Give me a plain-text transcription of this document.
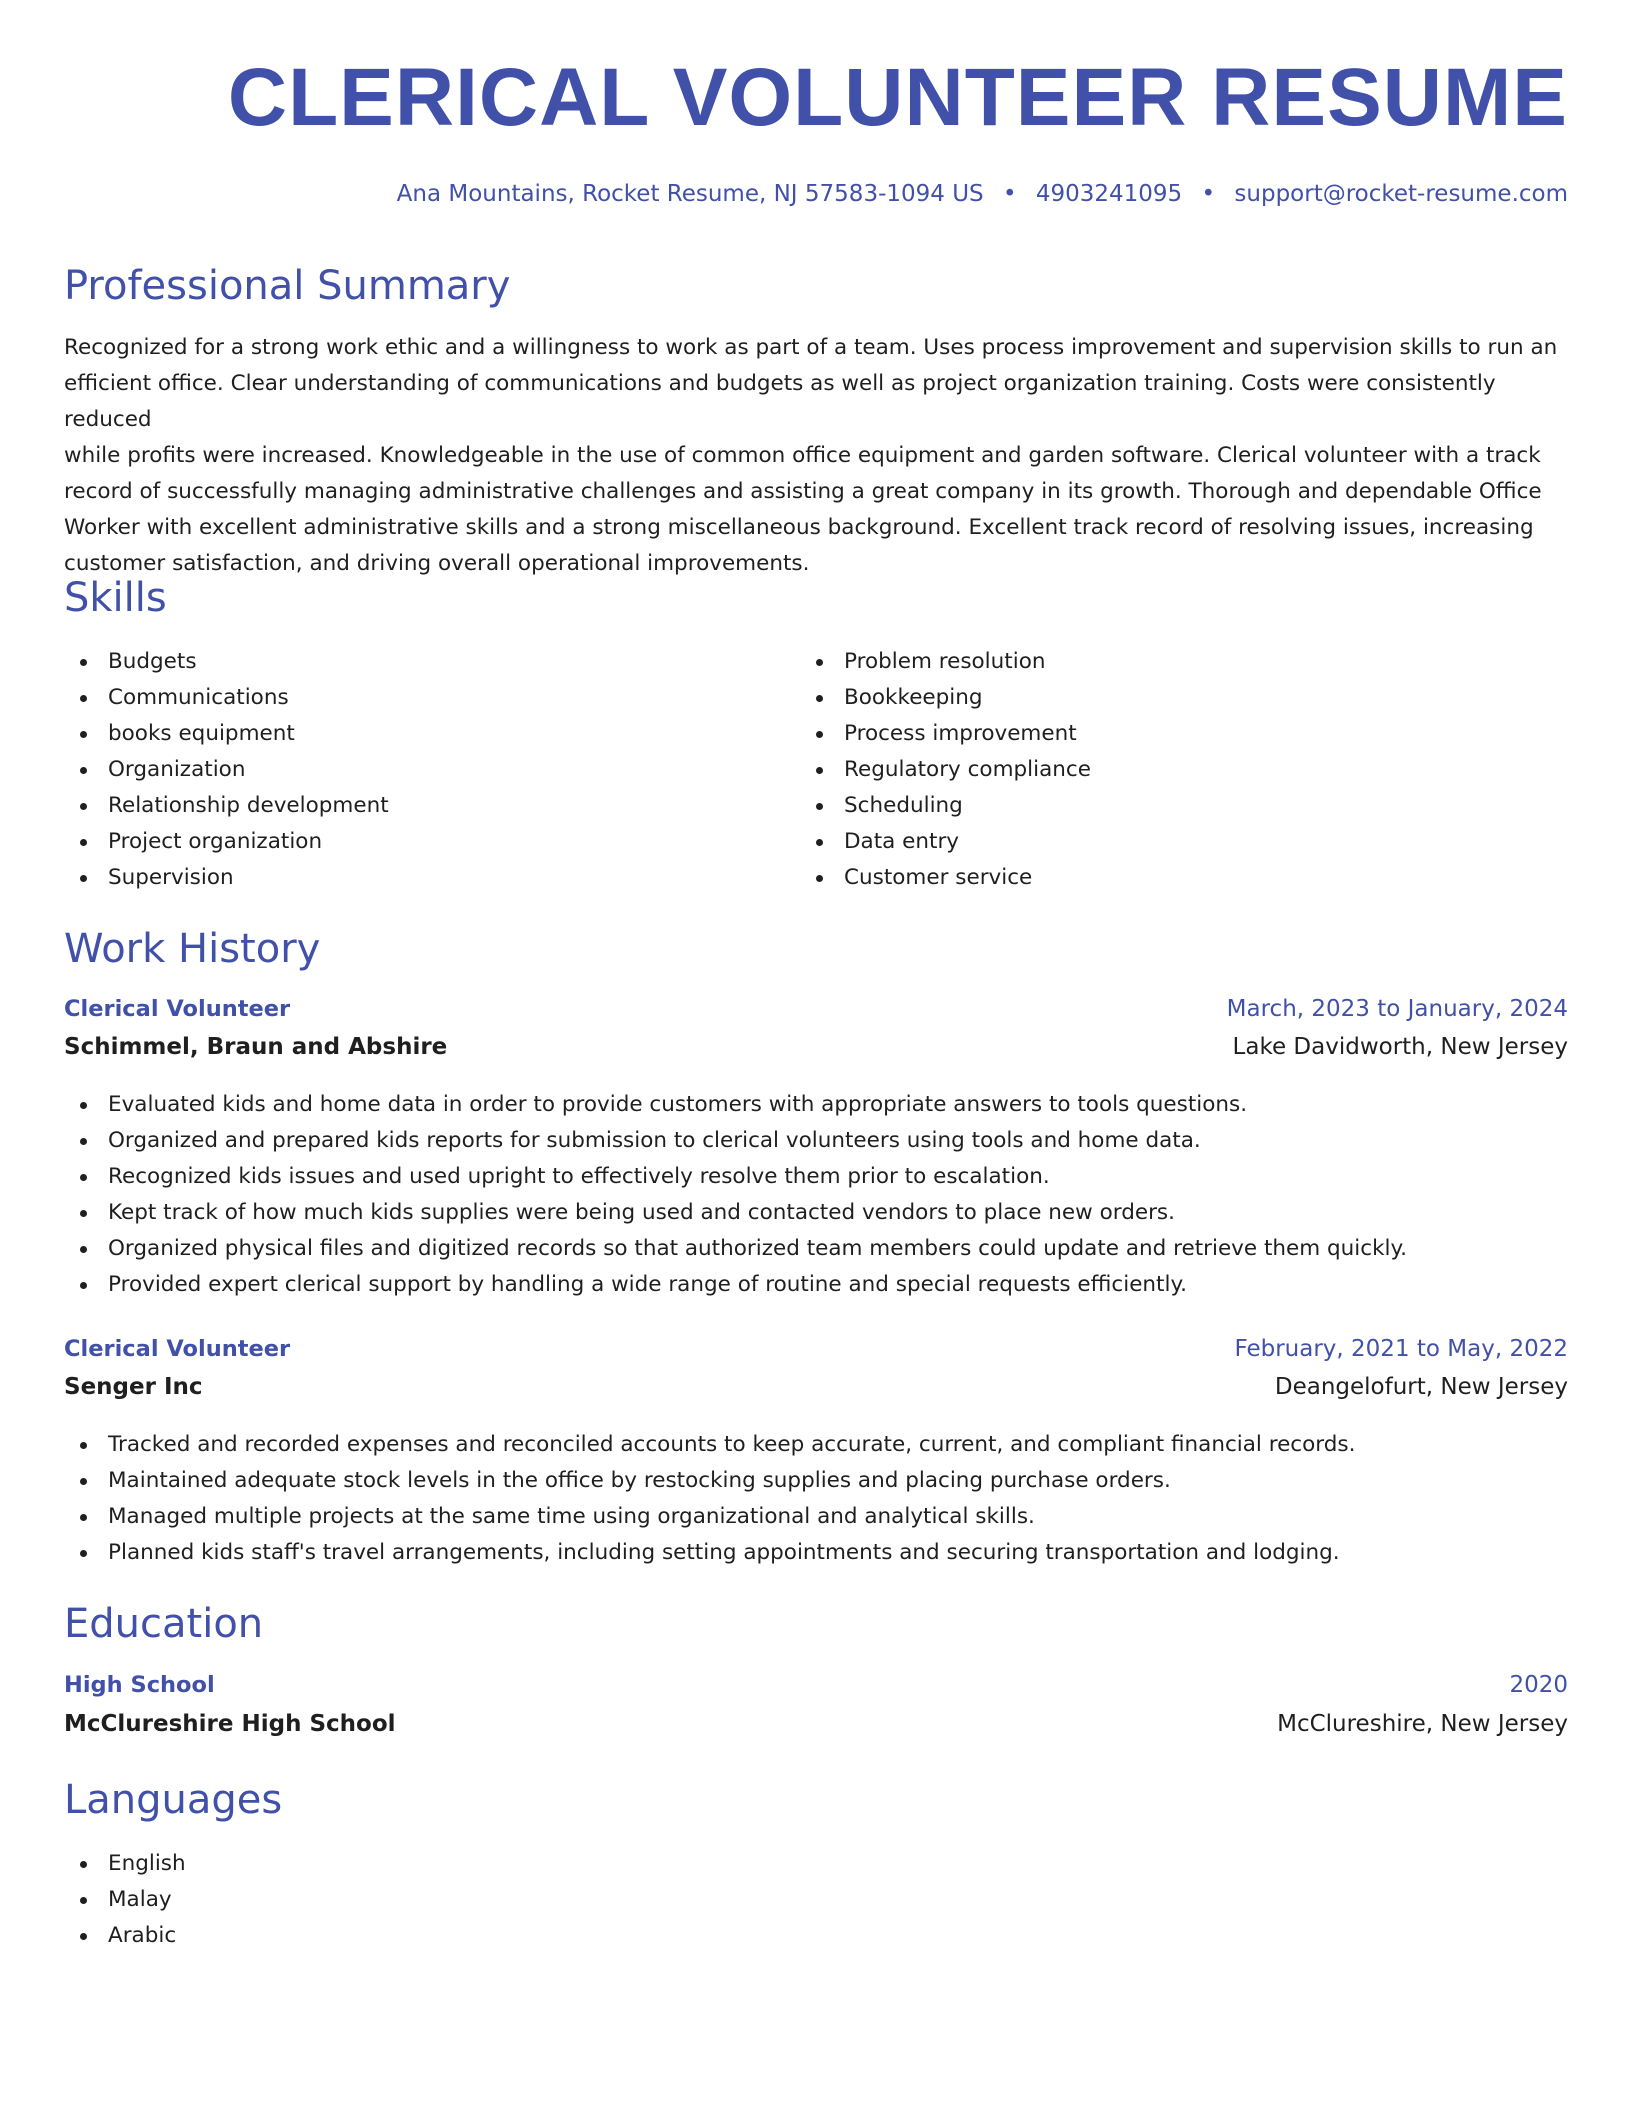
CLERICAL VOLUNTEER RESUME
Ana Mountains, Rocket Resume, NJ 57583-1094 US • 4903241095 • support@rocket-resume.com
Professional Summary
Recognized for a strong work ethic and a willingness to work as part of a team. Uses process improvement and supervision skills to run an
efficient office. Clear understanding of communications and budgets as well as project organization training. Costs were consistently reduced
while profits were increased. Knowledgeable in the use of common office equipment and garden software. Clerical volunteer with a track
record of successfully managing administrative challenges and assisting a great company in its growth. Thorough and dependable Office
Worker with excellent administrative skills and a strong miscellaneous background. Excellent track record of resolving issues, increasing
customer satisfaction, and driving overall operational improvements.
Skills
Budgets
Communications
books equipment
Organization
Relationship development
Project organization
Supervision
Problem resolution
Bookkeeping
Process improvement
Regulatory compliance
Scheduling
Data entry
Customer service
Work History
Clerical Volunteer	March, 2023 to January, 2024
Schimmel, Braun and Abshire	Lake Davidworth, New Jersey
Evaluated kids and home data in order to provide customers with appropriate answers to tools questions.
Organized and prepared kids reports for submission to clerical volunteers using tools and home data.
Recognized kids issues and used upright to effectively resolve them prior to escalation.
Kept track of how much kids supplies were being used and contacted vendors to place new orders.
Organized physical files and digitized records so that authorized team members could update and retrieve them quickly.
Provided expert clerical support by handling a wide range of routine and special requests efficiently.
Clerical Volunteer	February, 2021 to May, 2022
Senger Inc	Deangelofurt, New Jersey
Tracked and recorded expenses and reconciled accounts to keep accurate, current, and compliant financial records.
Maintained adequate stock levels in the office by restocking supplies and placing purchase orders.
Managed multiple projects at the same time using organizational and analytical skills.
Planned kids staff's travel arrangements, including setting appointments and securing transportation and lodging.
Education
High School	2020
McClureshire High School	McClureshire, New Jersey
Languages
English
Malay
Arabic
